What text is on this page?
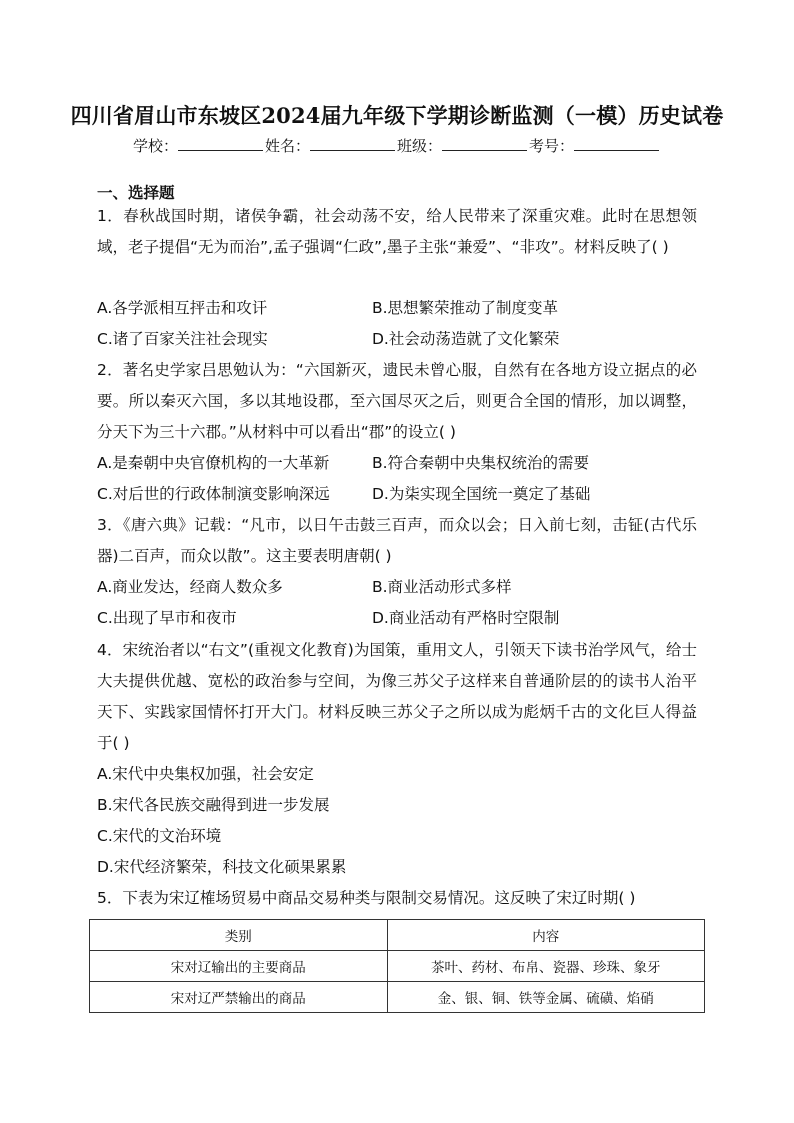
四川省眉山市东坡区2024届九年级下学期诊断监测（一模）历史试卷
学校：	姓名：	班级：	考号：
一、选择题
1．春秋战国时期，诸侯争霸，社会动荡不安，给人民带来了深重灾难。此时在思想领域，老子提倡“无为而治”,孟子强调“仁政”,墨子主张“兼爱”、“非攻”。材料反映了( )
A.各学派相互抨击和攻讦	B.思想繁荣推动了制度变革
C.诸了百家关注社会现实	D.社会动荡造就了文化繁荣
2．著名史学家吕思勉认为：“六国新灭，遗民未曾心服，自然有在各地方设立据点的必要。所以秦灭六国，多以其地设郡，至六国尽灭之后，则更合全国的情形，加以调整，分天下为三十六郡。”从材料中可以看出“郡”的设立( )
A.是秦朝中央官僚机构的一大革新	B.符合秦朝中央集权统治的需要
C.对后世的行政体制演变影响深远	D.为柒实现全国统一奠定了基础
3．《唐六典》记载：“凡市，以日午击鼓三百声，而众以会；日入前七刻，击钲(古代乐器)二百声，而众以散”。这主要表明唐朝( )
A.商业发达，经商人数众多	B.商业活动形式多样
C.出现了早市和夜市	D.商业活动有严格时空限制
4．宋统治者以“右文”(重视文化教育)为国策，重用文人，引领天下读书治学风气，给士大夫提供优越、宽松的政治参与空间，为像三苏父子这样来自普通阶层的的读书人治平天下、实践家国情怀打开大门。材料反映三苏父子之所以成为彪炳千古的文化巨人得益于( )
A.宋代中央集权加强，社会安定
B.宋代各民族交融得到进一步发展
C.宋代的文治环境
D.宋代经济繁荣，科技文化硕果累累
5．下表为宋辽榷场贸易中商品交易种类与限制交易情况。这反映了宋辽时期( )
类别	内容
宋对辽输出的主要商品	茶叶、药材、布帛、瓷器、珍珠、象牙
宋对辽严禁输出的商品	金、银、铜、铁等金属、硫磺、焰硝
